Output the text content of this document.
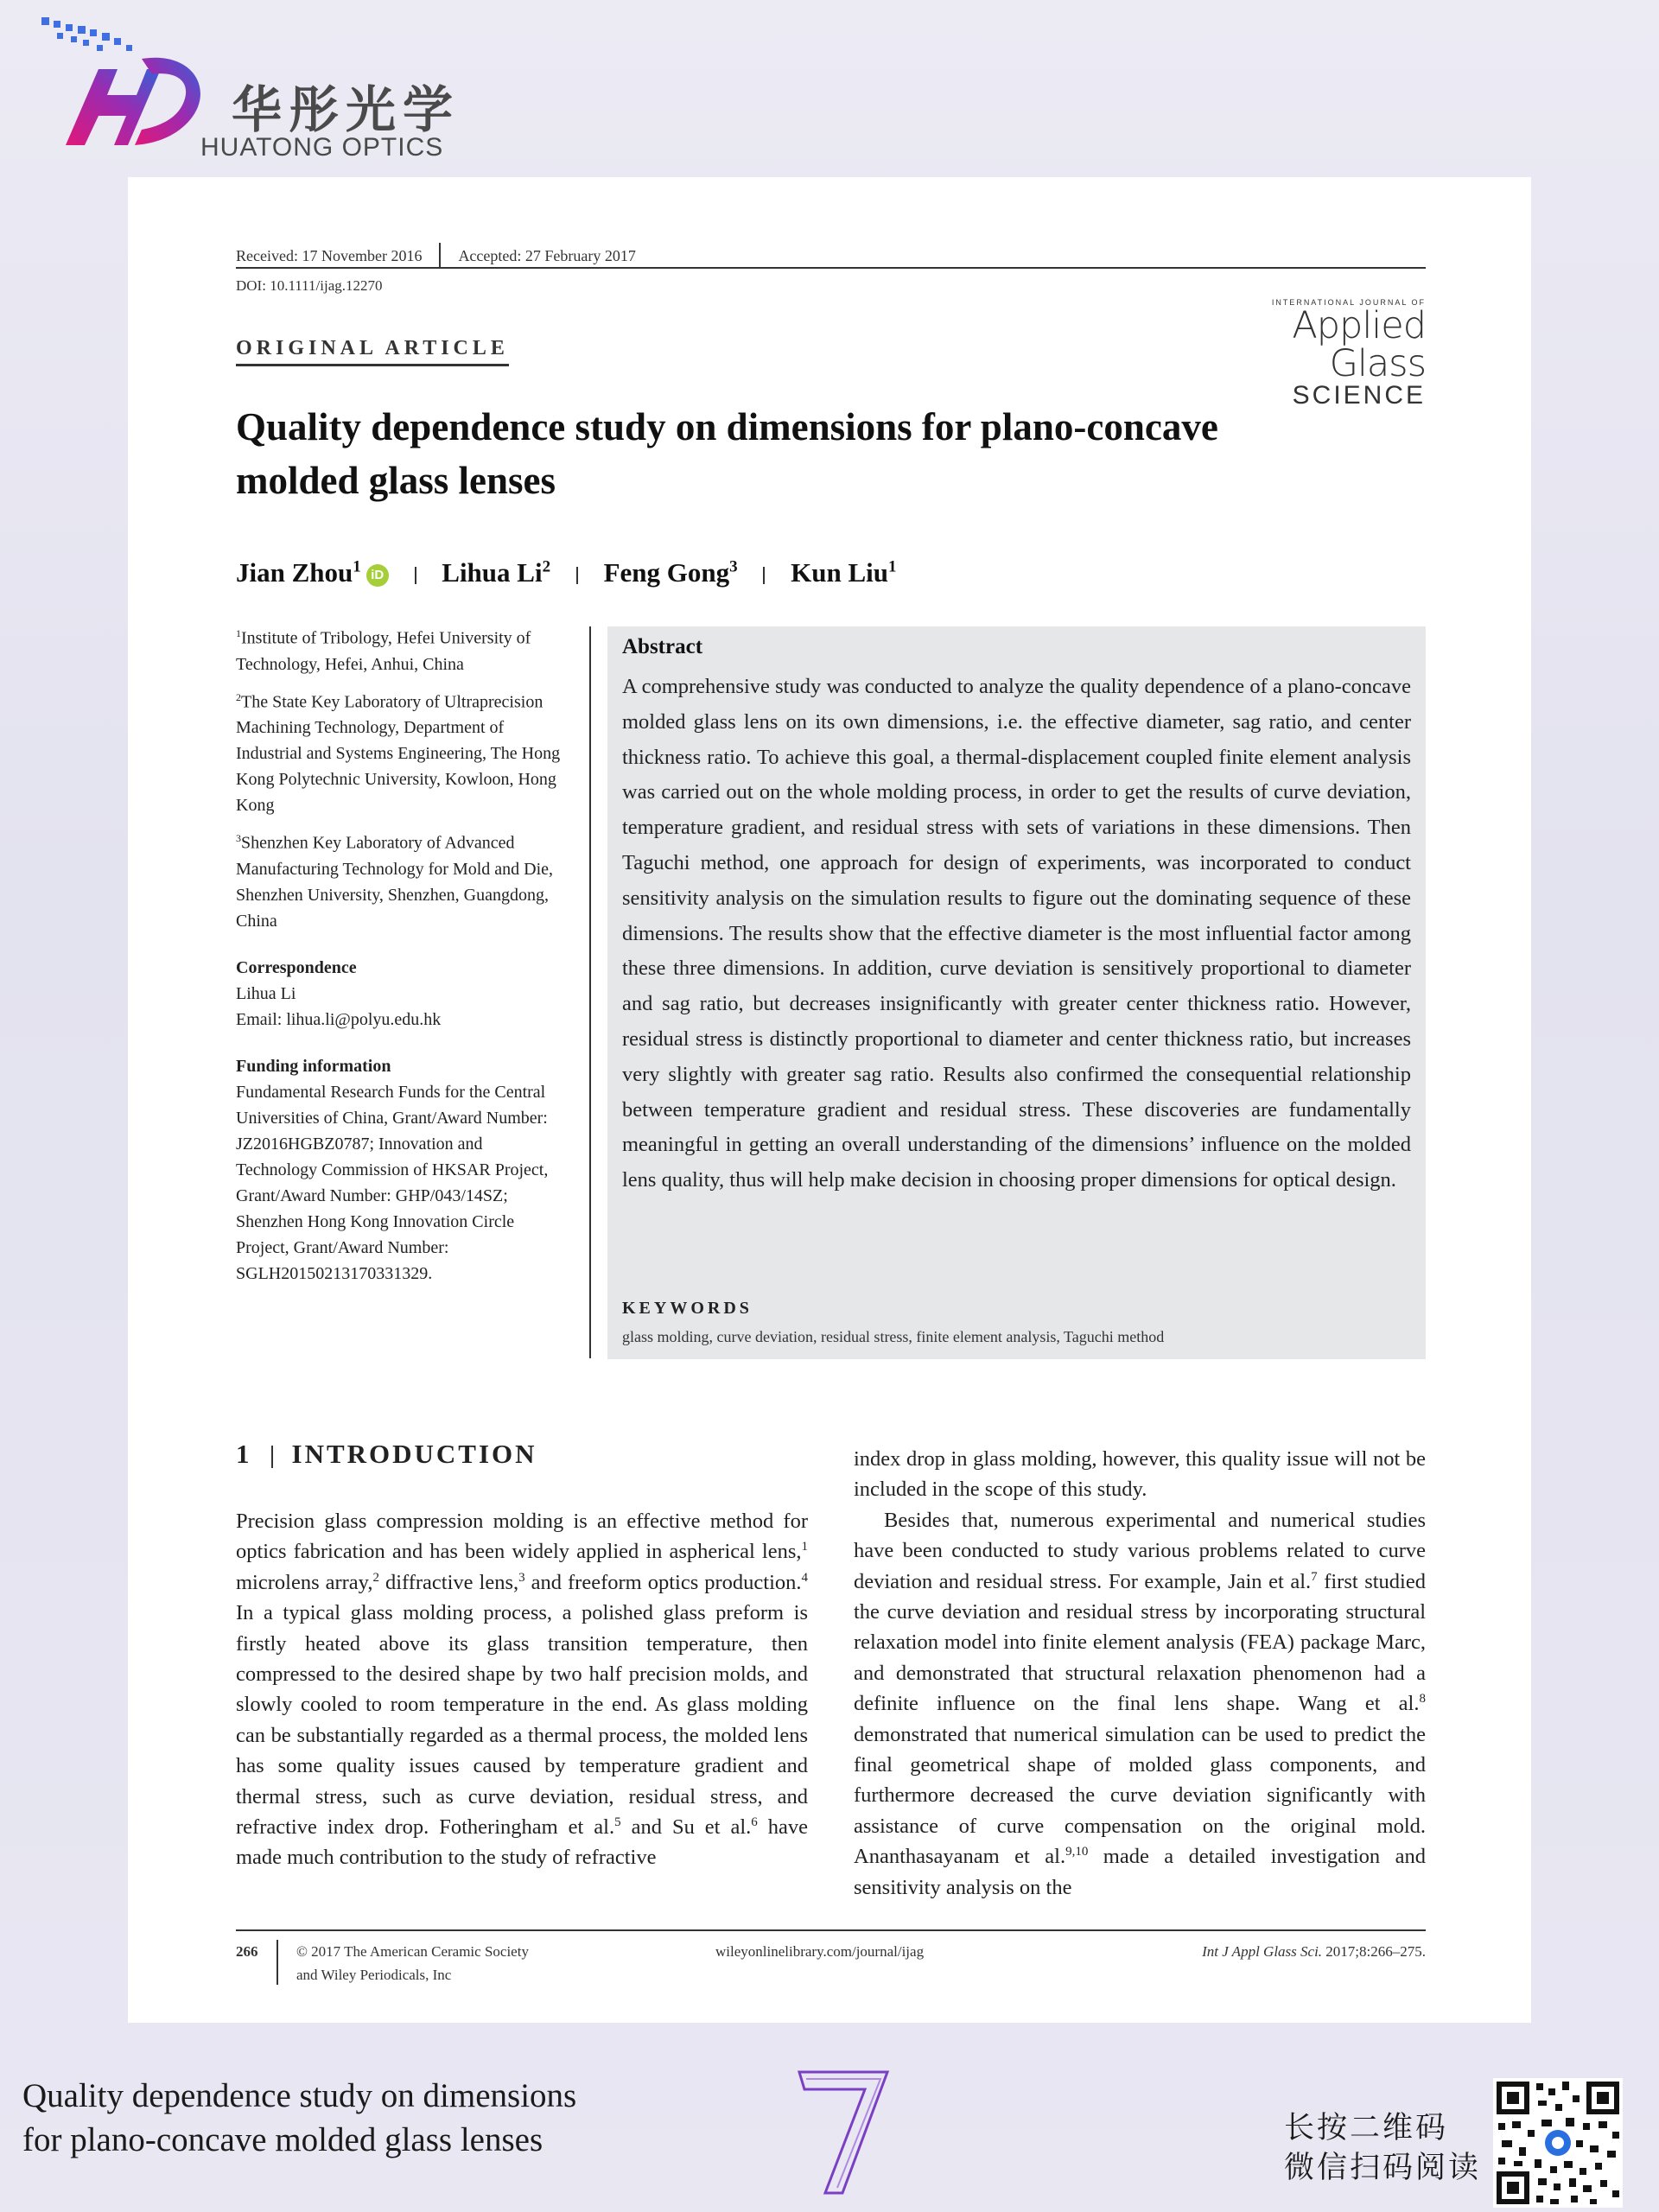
华彤光学
HUATONG OPTICS
Received: 17 November 2016 Accepted: 27 February 2017
DOI: 10.1111/ijag.12270
INTERNATIONAL JOURNAL OF
Applied Glass
SCIENCE
ORIGINAL ARTICLE
Quality dependence study on dimensions for plano-concave
molded glass lenses
Jian Zhou$^1$ iD Lihua Li$^2$ Feng Gong$^3$ Kun Liu$^1$
$^1$Institute of Tribology, Hefei University of Technology, Hefei, Anhui, China
$^2$The State Key Laboratory of Ultraprecision Machining Technology, Department of Industrial and Systems Engineering, The Hong Kong Polytechnic University, Kowloon, Hong Kong
$^3$Shenzhen Key Laboratory of Advanced Manufacturing Technology for Mold and Die, Shenzhen University, Shenzhen, Guangdong, China
Correspondence
Lihua Li
Email: lihua.li@polyu.edu.hk
Funding information
Fundamental Research Funds for the Central Universities of China, Grant/Award Number: JZ2016HGBZ0787; Innovation and Technology Commission of HKSAR Project, Grant/Award Number: GHP/043/14SZ; Shenzhen Hong Kong Innovation Circle Project, Grant/Award Number: SGLH20150213170331329.
Abstract
A comprehensive study was conducted to analyze the quality dependence of a plano-concave molded glass lens on its own dimensions, i.e. the effective diameter, sag ratio, and center thickness ratio. To achieve this goal, a thermal-displacement coupled finite element analysis was carried out on the whole molding process, in order to get the results of curve deviation, temperature gradient, and residual stress with sets of variations in these dimensions. Then Taguchi method, one approach for design of experiments, was incorporated to conduct sensitivity analysis on the simulation results to figure out the dominating sequence of these dimensions. The results show that the effective diameter is the most influential factor among these three dimensions. In addition, curve deviation is sensitively proportional to diameter and sag ratio, but decreases insignificantly with greater center thickness ratio. However, residual stress is distinctly proportional to diameter and center thickness ratio, but increases very slightly with greater sag ratio. Results also confirmed the consequential relationship between temperature gradient and residual stress. These discoveries are fundamentally meaningful in getting an overall understanding of the dimensions’ influence on the molded lens quality, thus will help make decision in choosing proper dimensions for optical design.
KEYWORDS
glass molding, curve deviation, residual stress, finite element analysis, Taguchi method
1 INTRODUCTION
Precision glass compression molding is an effective method for optics fabrication and has been widely applied in aspherical lens,$^1$ microlens array,$^2$ diffractive lens,$^3$ and freeform optics production.$^4$ In a typical glass molding process, a polished glass preform is firstly heated above its glass transition temperature, then compressed to the desired shape by two half precision molds, and slowly cooled to room temperature in the end. As glass molding can be substantially regarded as a thermal process, the molded lens has some quality issues caused by temperature gradient and thermal stress, such as curve deviation, residual stress, and refractive index drop. Fotheringham et al.$^5$ and Su et al.$^6$ have made much contribution to the study of refractive
index drop in glass molding, however, this quality issue will not be included in the scope of this study.
Besides that, numerous experimental and numerical studies have been conducted to study various problems related to curve deviation and residual stress. For example, Jain et al.$^7$ first studied the curve deviation and residual stress by incorporating structural relaxation model into finite element analysis (FEA) package Marc, and demonstrated that structural relaxation phenomenon had a definite influence on the final lens shape. Wang et al.$^8$ demonstrated that numerical simulation can be used to predict the final geometrical shape of molded glass components, and furthermore decreased the curve deviation significantly with assistance of curve compensation on the original mold. Ananthasayanam et al.$^{9,10}$ made a detailed investigation and sensitivity analysis on the
266	© 2017 The American Ceramic Society
and Wiley Periodicals, Inc
wileyonlinelibrary.com/journal/ijag	Int J Appl Glass Sci. 2017;8:266–275.
Quality dependence study on dimensions
for plano-concave molded glass lenses	长按二维码
微信扫码阅读
